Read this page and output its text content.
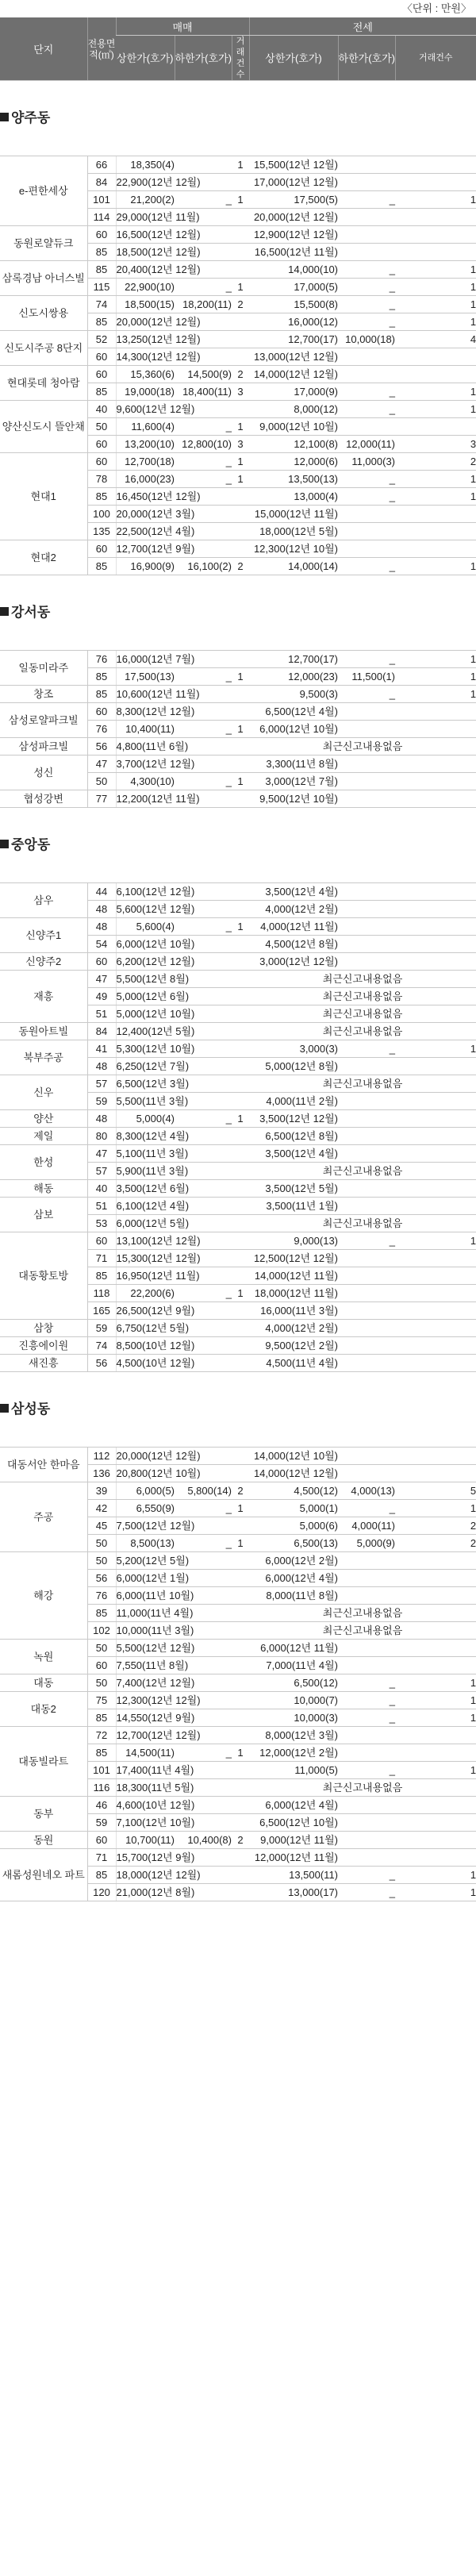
〈단위 : 만원〉
단지	전용면적(㎡)	매매			전세		
		상한가(호가)	하한가(호가)	거래건수	상한가(호가)	하한가(호가)	거래건수
양주동							
e-편한세상	66	18,350(4)		1	15,500(12년 12월)		
	84	22,900(12년 12월)			17,000(12년 12월)		
	101	21,200(2)	_	1	17,500(5)	_	1
	114	29,000(12년 11월)			20,000(12년 12월)		
동원로얄듀크	60	16,500(12년 12월)			12,900(12년 12월)		
	85	18,500(12년 12월)			16,500(12년 11월)		
삼록경남 아너스빌	85	20,400(12년 12월)			14,000(10)	_	1
	115	22,900(10)	_	1	17,000(5)	_	1
신도시쌍용	74	18,500(15)	18,200(11)	2	15,500(8)	_	1
	85	20,000(12년 12월)			16,000(12)	_	1
신도시주공 8단지	52	13,250(12년 12월)			12,700(17)	10,000(18)	4
	60	14,300(12년 12월)			13,000(12년 12월)		
현대롯데 청아람	60	15,360(6)	14,500(9)	2	14,000(12년 12월)		
	85	19,000(18)	18,400(11)	3	17,000(9)	_	1
양산신도시 뜰안채	40	9,600(12년 12월)			8,000(12)	_	1
	50	11,600(4)	_	1	9,000(12년 10월)		
	60	13,200(10)	12,800(10)	3	12,100(8)	12,000(11)	3
현대1	60	12,700(18)	_	1	12,000(6)	11,000(3)	2
	78	16,000(23)	_	1	13,500(13)	_	1
	85	16,450(12년 12월)			13,000(4)	_	1
	100	20,000(12년 3월)			15,000(12년 11월)		
	135	22,500(12년 4월)			18,000(12년 5월)		
현대2	60	12,700(12년 9월)			12,300(12년 10월)		
	85	16,900(9)	16,100(2)	2	14,000(14)	_	1
강서동							
일동미라주	76	16,000(12년 7월)			12,700(17)	_	1
	85	17,500(13)	_	1	12,000(23)	11,500(1)	1
창조	85	10,600(12년 11월)			9,500(3)	_	1
삼성로얄파크빌	60	8,300(12년 12월)			6,500(12년 4월)		
	76	10,400(11)	_	1	6,000(12년 10월)		
삼성파크빌	56	4,800(11년 6월)			최근신고내용없음		
성신	47	3,700(12년 12월)			3,300(11년 8월)		
	50	4,300(10)	_	1	3,000(12년 7월)		
협성강변	77	12,200(12년 11월)			9,500(12년 10월)		
중앙동							
삼우	44	6,100(12년 12월)			3,500(12년 4월)		
	48	5,600(12년 12월)			4,000(12년 2월)		
신양주1	48	5,600(4)	_	1	4,000(12년 11월)		
	54	6,000(12년 10월)			4,500(12년 8월)		
신양주2	60	6,200(12년 12월)			3,000(12년 12월)		
재흥	47	5,500(12년 8월)			최근신고내용없음		
	49	5,000(12년 6월)			최근신고내용없음		
	51	5,000(12년 10월)			최근신고내용없음		
동원아트빌	84	12,400(12년 5월)			최근신고내용없음		
북부주공	41	5,300(12년 10월)			3,000(3)	_	1
	48	6,250(12년 7월)			5,000(12년 8월)		
신우	57	6,500(12년 3월)			최근신고내용없음		
	59	5,500(11년 3월)			4,000(11년 2월)		
양산	48	5,000(4)	_	1	3,500(12년 12월)		
제일	80	8,300(12년 4월)			6,500(12년 8월)		
한성	47	5,100(11년 3월)			3,500(12년 4월)		
	57	5,900(11년 3월)			최근신고내용없음		
해동	40	3,500(12년 6월)			3,500(12년 5월)		
삼보	51	6,100(12년 4월)			3,500(11년 1월)		
	53	6,000(12년 5월)			최근신고내용없음		
대동황토방	60	13,100(12년 12월)			9,000(13)	_	1
	71	15,300(12년 12월)			12,500(12년 12월)		
	85	16,950(12년 11월)			14,000(12년 11월)		
	118	22,200(6)	_	1	18,000(12년 11월)		
	165	26,500(12년 9월)			16,000(11년 3월)		
삼창	59	6,750(12년 5월)			4,000(12년 2월)		
진흥에이원	74	8,500(10년 12월)			9,500(12년 2월)		
새진흥	56	4,500(10년 12월)			4,500(11년 4월)		
삼성동							
대동서안 한마음	112	20,000(12년 12월)			14,000(12년 10월)		
	136	20,800(12년 10월)			14,000(12년 12월)		
주공	39	6,000(5)	5,800(14)	2	4,500(12)	4,000(13)	5
	42	6,550(9)	_	1	5,000(1)	_	1
	45	7,500(12년 12월)			5,000(6)	4,000(11)	2
	50	8,500(13)	_	1	6,500(13)	5,000(9)	2
해강	50	5,200(12년 5월)			6,000(12년 2월)		
	56	6,000(12년 1월)			6,000(12년 4월)		
	76	6,000(11년 10월)			8,000(11년 8월)		
	85	11,000(11년 4월)			최근신고내용없음		
	102	10,000(11년 3월)			최근신고내용없음		
녹원	50	5,500(12년 12월)			6,000(12년 11월)		
	60	7,550(11년 8월)			7,000(11년 4월)		
대동	50	7,400(12년 12월)			6,500(12)	_	1
대동2	75	12,300(12년 12월)			10,000(7)	_	1
	85	14,550(12년 9월)			10,000(3)	_	1
대동빌라트	72	12,700(12년 12월)			8,000(12년 3월)		
	85	14,500(11)	_	1	12,000(12년 2월)		
	101	17,400(11년 4월)			11,000(5)	_	1
	116	18,300(11년 5월)			최근신고내용없음		
동부	46	4,600(10년 12월)			6,000(12년 4월)		
	59	7,100(12년 10월)			6,500(12년 10월)		
동원	60	10,700(11)	10,400(8)	2	9,000(12년 11월)		
새롬성원네오 파트	71	15,700(12년 9월)			12,000(12년 11월)		
	85	18,000(12년 12월)			13,500(11)	_	1
	120	21,000(12년 8월)			13,000(17)	_	1
